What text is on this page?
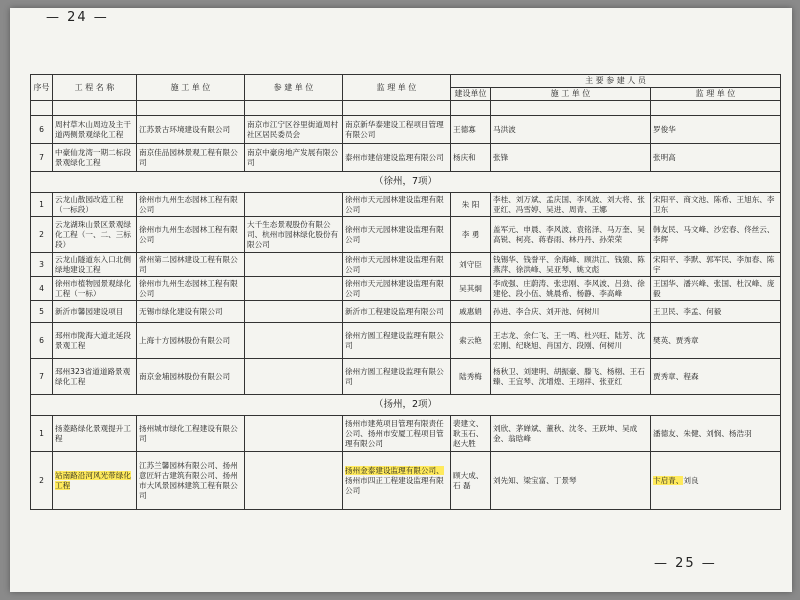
— 24 —
序号	工 程 名 称	施 工 单 位	参 建 单 位	监 理 单 位	主 要 参 建 人 员		
					建设单位	施 工 单 位	监 理 单 位

6	周村草木山周边及主干道两侧景观绿化工程	江苏景古环境建设有限公司	南京市江宁区谷里街道周村社区居民委员会	南京新华泰建设工程项目管理有限公司	王德寡	马洪波	罗俊华
7	中豪仙龙湾一期二标段景观绿化工程	南京佳品园林景观工程有限公司	南京中豪房地产发展有限公司	泰州市建信建设监理有限公司	杨庆和	张锋	张明高
（徐州，7项）							
1	云龙山散园改造工程（一标段）	徐州市九州生态园林工程有限公司		徐州市天元园林建设监理有限公司	朱 阳	李桂、刘万斌、孟庆国、李风波、刘大将、张亚红、冯雪婷、吴进、周青、王娜	宋阳平、商文池、陈希、王旭东、李卫东
2	云龙湖珠山景区景观绿化工程（一、二、三标段）	徐州市九州生态园林工程有限公司	大千生态景观股份有限公司、杭州市园林绿化股份有限公司	徐州市天元园林建设监理有限公司	李 勇	盖军元、申晨、李风波、袁铭泽、马万奎、吴高锐、柯亮、蒋春雨、林丹丹、孙荣荣	韩友民、马文峰、沙宏春、佟丝云、李辉
3	云龙山隧道东入口北侧绿地建设工程	常州第二园林建设工程有限公司		徐州市天元园林建设监理有限公司	刘守臣	钱锡华、钱誉平、余海峰、顾洪江、钱猿、陈燕萍、徐洪峰、吴亚琴、姚文彪	宋阳平、李默、郭军民、李加春、陈宇
4	徐州市植物园景观绿化工程（一标）	徐州市九州生态园林工程有限公司		徐州市天元园林建设监理有限公司	吴其炯	李成强、庄蔚涛、张忠刚、李风波、吕劲、徐建伦、段小伍、姚晨希、杨静、李高峰	王国华、潘兴峰、张国、杜汉峰、庞毅
5	新沂市馨园建设项目	无锡市绿化建设有限公司		新沂市工程建设监理有限公司	戚惠娟	孙进、李合庆、刘开池、何树川	王卫民、李孟、何毅
6	邳州市陇海大道北延段景观工程	上海十方园林股份有限公司		徐州方圆工程建设监理有限公司	索云艳	王志龙、余仁飞、王一鸣、杜兴旺、陆芳、沈宏刚、纪晓旭、肖国方、段刚、何树川	樊英、贾秀章
7	邳州323省道道路景观绿化工程	南京金埔园林股份有限公司		徐州方圆工程建设监理有限公司	陆秀梅	杨秋卫、刘建明、胡振豪、滕飞、杨栩、王石臻、王宜琴、沈增煌、王翊祥、张亚红	贾秀章、程森
（扬州，2项）							
1	扬菱路绿化景观提升工程	扬州城市绿化工程建设有限公司		扬州市建苑项目管理有限责任公司、扬州市安厦工程项目管理有限公司	裴建文、耿玉石、赵大胜	刘欣、茅婵斌、董秋、沈冬、王跃坤、吴成金、翁晗峰	潘德友、朱健、刘悯、杨浩羽
2	站南路沿河风光带绿化工程	江苏兰馨园林有限公司、扬州意匠轩古建筑有限公司、扬州市大风景园林建筑工程有限公司		扬州金泰建设监理有限公司、扬州市四正工程建设监理有限公司	顾大成、石 磊	刘先知、梁宝富、丁景琴	卞启青、刘良
— 25 —
